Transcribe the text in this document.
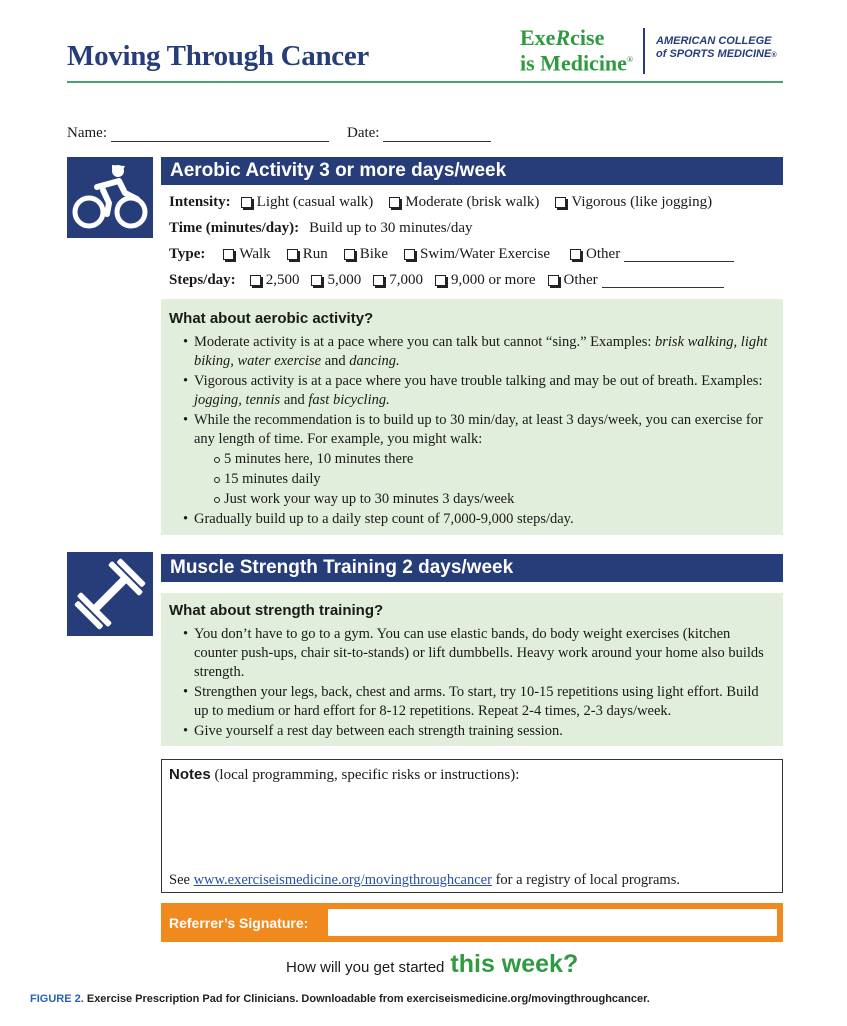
Moving Through Cancer
ExeRcise
is Medicine®
AMERICAN COLLEGE
of SPORTS MEDICINE®
Name:	Date:
Aerobic Activity 3 or more days/week
Intensity: Light (casual walk) Moderate (brisk walk) Vigorous (like jogging)
Time (minutes/day): Build up to 30 minutes/day
Type: Walk Run Bike Swim/Water Exercise Other
Steps/day: 2,500 5,000 7,000 9,000 or more Other
What about aerobic activity?
• Moderate activity is at a pace where you can talk but cannot “sing.” Examples: brisk walking, light biking, water exercise and dancing.
• Vigorous activity is at a pace where you have trouble talking and may be out of breath. Examples: jogging, tennis and fast bicycling.
• While the recommendation is to build up to 30 min/day, at least 3 days/week, you can exercise for any length of time. For example, you might walk:
5 minutes here, 10 minutes there
15 minutes daily
Just work your way up to 30 minutes 3 days/week
• Gradually build up to a daily step count of 7,000-9,000 steps/day.
Muscle Strength Training 2 days/week
What about strength training?
• You don’t have to go to a gym. You can use elastic bands, do body weight exercises (kitchen counter push-ups, chair sit-to-stands) or lift dumbbells. Heavy work around your home also builds strength.
• Strengthen your legs, back, chest and arms. To start, try 10-15 repetitions using light effort. Build up to medium or hard effort for 8-12 repetitions. Repeat 2-4 times, 2-3 days/week.
• Give yourself a rest day between each strength training session.
Notes (local programming, specific risks or instructions):
See www.exerciseismedicine.org/movingthroughcancer for a registry of local programs.
Referrer’s Signature:
How will you get started this week?
FIGURE 2. Exercise Prescription Pad for Clinicians. Downloadable from exerciseismedicine.org/movingthroughcancer.
